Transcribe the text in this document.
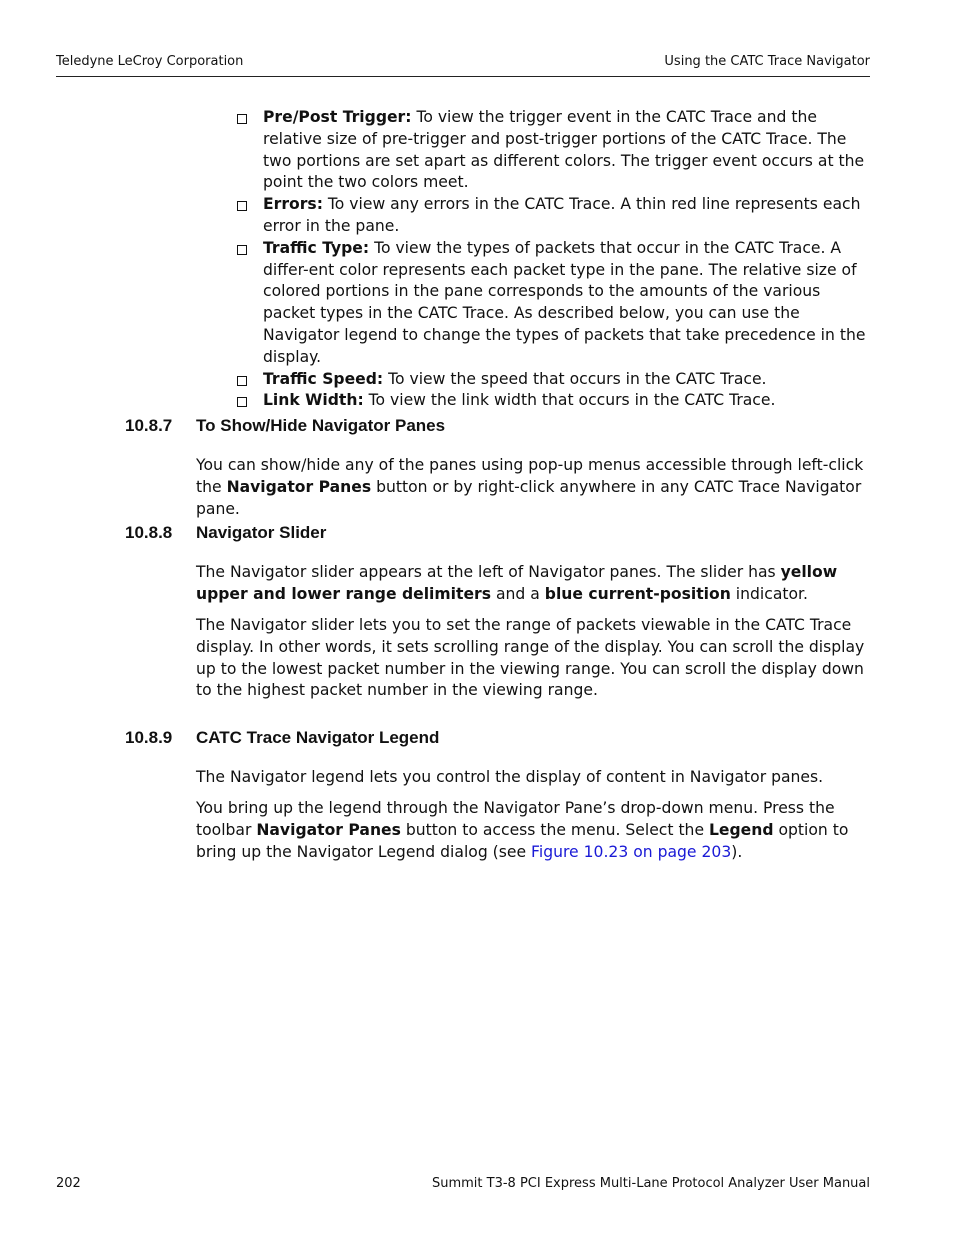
Teledyne LeCroy Corporation	Using the CATC Trace Navigator
Pre/Post Trigger: To view the trigger event in the CATC Trace and the relative size of pre-trigger and post-trigger portions of the CATC Trace. The two portions are set apart as different colors. The trigger event occurs at the point the two colors meet.
Errors: To view any errors in the CATC Trace. A thin red line represents each error in the pane.
Traffic Type: To view the types of packets that occur in the CATC Trace. A differ-ent color represents each packet type in the pane. The relative size of colored portions in the pane corresponds to the amounts of the various packet types in the CATC Trace. As described below, you can use the Navigator legend to change the types of packets that take precedence in the display.
Traffic Speed: To view the speed that occurs in the CATC Trace.
Link Width: To view the link width that occurs in the CATC Trace.
10.8.7 To Show/Hide Navigator Panes
You can show/hide any of the panes using pop-up menus accessible through left-click the Navigator Panes button or by right-click anywhere in any CATC Trace Navigator pane.
10.8.8 Navigator Slider
The Navigator slider appears at the left of Navigator panes. The slider has yellow upper and lower range delimiters and a blue current-position indicator.
The Navigator slider lets you to set the range of packets viewable in the CATC Trace display. In other words, it sets scrolling range of the display. You can scroll the display up to the lowest packet number in the viewing range. You can scroll the display down to the highest packet number in the viewing range.
10.8.9 CATC Trace Navigator Legend
The Navigator legend lets you control the display of content in Navigator panes.
You bring up the legend through the Navigator Pane’s drop-down menu. Press the toolbar Navigator Panes button to access the menu. Select the Legend option to bring up the Navigator Legend dialog (see Figure 10.23 on page 203).
202	Summit T3-8 PCI Express Multi-Lane Protocol Analyzer User Manual
